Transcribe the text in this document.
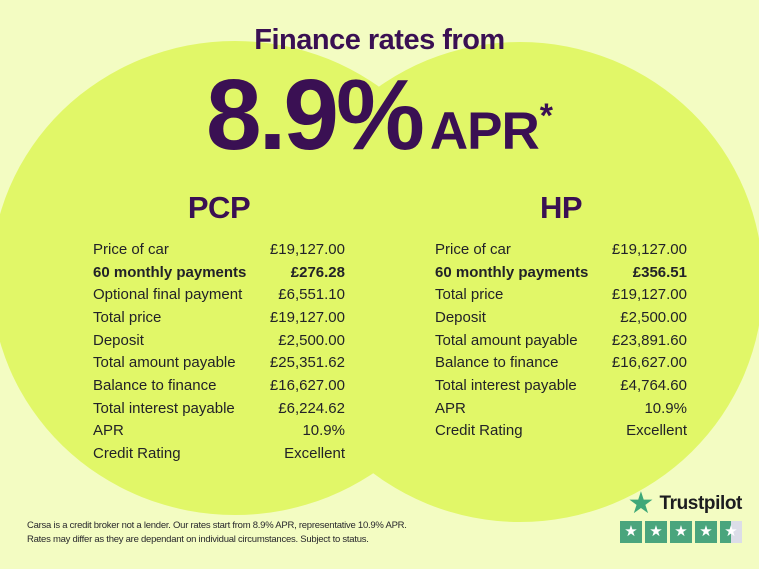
Finance rates from
8.9% APR *
PCP
Price of car	£19,127.00
60 monthly payments	£276.28
Optional final payment £6,551.10
Total price	£19,127.00
Deposit	£2,500.00
Total amount payable £25,351.62
Balance to finance	£16,627.00
Total interest payable	£6,224.62
APR	10.9%
Credit Rating	Excellent
HP
Price of car	£19,127.00
60 monthly payments	£356.51
Total price	£19,127.00
Deposit	£2,500.00
Total amount payable £23,891.60
Balance to finance	£16,627.00
Total interest payable	£4,764.60
APR	10.9%
Credit Rating	Excellent
Carsa is a credit broker not a lender. Our rates start from 8.9% APR, representative 10.9% APR.
Rates may differ as they are dependant on individual circumstances. Subject to status.
★ Trustpilot
★ ★ ★ ★ ★
